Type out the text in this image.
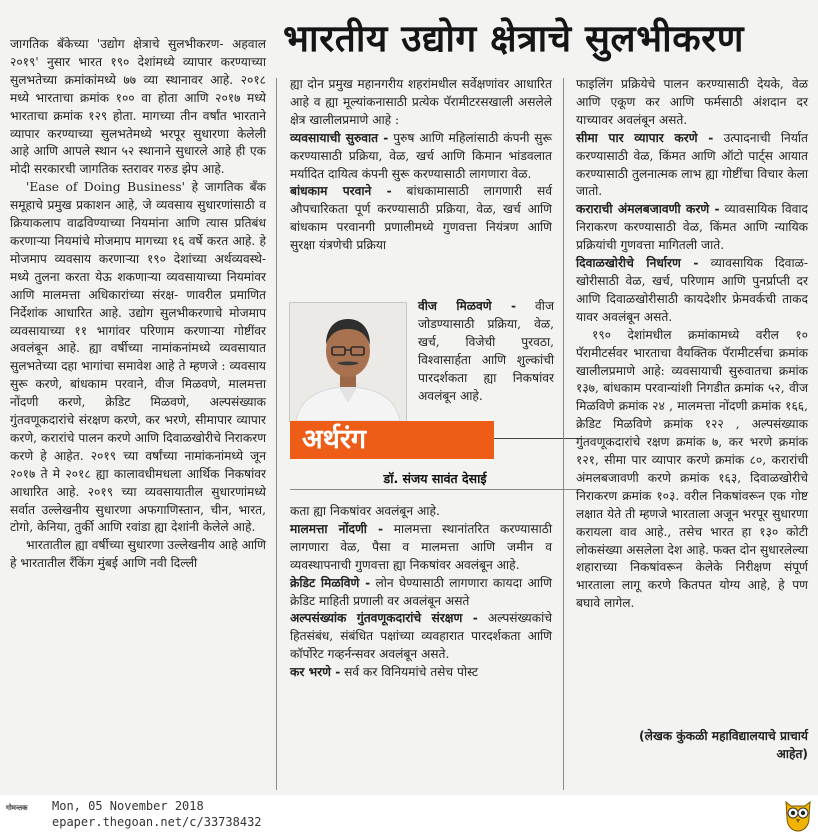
भारतीय उद्योग क्षेत्राचे सुलभीकरण

जागतिक बँकेच्या 'उद्योग क्षेत्राचे सुलभीकरण- अहवाल २०१९' नुसार भारत १९० देशांमध्ये व्यापार करण्याच्या सुलभतेच्या क्रमांकांमध्ये ७७ व्या स्थानावर आहे. २०१८ मध्ये भारताचा क्रमांक १०० वा होता आणि २०१७ मध्ये भारताचा क्रमांक १२९ होता. मागच्या तीन वर्षांत भारताने व्यापार करण्याच्या सुलभतेमध्ये भरपूर सुधारणा केलेली आहे आणि आपले स्थान ५२ स्थानाने सुधारले आहे ही एक मोदी सरकारची जागतिक स्तरावर गरुड झेप आहे.

'Ease of Doing Business' हे जागतिक बँक समूहाचे प्रमुख प्रकाशन आहे, जे व्यवसाय सुधारणांसाठी व क्रियाकलाप वाढविण्याच्या नियमांना आणि त्यास प्रतिबंध करणाऱ्या नियमांचे मोजमाप मागच्या १६ वर्षे करत आहे. हे मोजमाप व्यवसाय करणाऱ्या १९० देशांच्या अर्थव्यवस्थे- मध्ये तुलना करता येऊ शकणाऱ्या व्यवसायाच्या नियमांवर आणि मालमत्ता अधिकारांच्या संरक्ष- णावरील प्रमाणित निर्देशांक आधारित आहे. उद्योग सुलभीकरणाचे मोजमाप व्यवसायाच्या ११ भागांवर परिणाम करणाऱ्या गोष्टींवर अवलंबून आहे. ह्या वर्षीच्या नामांकनांमध्ये व्यवसायात सुलभतेच्या दहा भागांचा समावेश आहे ते म्हणजे : व्यवसाय सुरू करणे, बांधकाम परवाने, वीज मिळवणे, मालमत्ता नोंदणी करणे, क्रेडिट मिळवणे, अल्पसंख्याक गुंतवणूकदारांचे संरक्षण करणे, कर भरणे, सीमापार व्यापार करणे, करारांचे पालन करणे आणि दिवाळखोरीचे निराकरण करणे हे आहेत. २०१९ च्या वर्षांच्या नामांकनांमध्ये जून २०१७ ते मे २०१८ ह्या कालावधीमधला आर्थिक निकषांवर आधारित आहे. २०१९ च्या व्यवसायातील सुधारणांमध्ये सर्वात उल्लेखनीय सुधारणा अफगाणिस्तान, चीन, भारत, टोगो, केनिया, तुर्की आणि रवांडा ह्या देशांनी केलेले आहे.

भारतातील ह्या वर्षीच्या सुधारणा उल्लेखनीय आहे आणि हे भारतातील रँकिंग मुंबई आणि नवी दिल्ली

ह्या दोन प्रमुख महानगरीय शहरांमधील सर्वेक्षणांवर आधारित आहे व ह्या मूल्यांकनासाठी प्रत्येक पॅरामीटरसखाली असलेले क्षेत्र खालीलप्रमाणे आहे :

व्यवसायाची सुरुवात - पुरुष आणि महिलांसाठी कंपनी सुरू करण्यासाठी प्रक्रिया, वेळ, खर्च आणि किमान भांडवलात मर्यादित दायित्व कंपनी सुरू करण्यासाठी लागणारा वेळ.

बांधकाम परवाने - बांधकामासाठी लागणारी सर्व औपचारिकता पूर्ण करण्यासाठी प्रक्रिया, वेळ, खर्च आणि बांधकाम परवानगी प्रणालीमध्ये गुणवत्ता नियंत्रण आणि सुरक्षा यंत्रणेची प्रक्रिया

वीज मिळवणे - वीज जोडण्यासाठी प्रक्रिया, वेळ, खर्च, विजेची पुरवठा, विश्वासार्हता आणि शुल्कांची पारदर्शकता ह्या निकषांवर अवलंबून आहे.

अर्थरंग
डॉ. संजय सावंत देसाई

कता ह्या निकषांवर अवलंबून आहे.

मालमत्ता नोंदणी - मालमत्ता स्थानांतरित करण्यासाठी लागणारा वेळ, पैसा व मालमत्ता आणि जमीन व व्यवस्थापनाची गुणवत्ता ह्या निकषांवर अवलंबून आहे.

क्रेडिट मिळविणे - लोन घेण्यासाठी लागणारा कायदा आणि क्रेडिट माहिती प्रणाली वर अवलंबून असते

अल्पसंख्यांक गुंतवणूकदारांचे संरक्षण - अल्पसंख्यकांचे हितसंबंध, संबंधित पक्षांच्या व्यवहारात पारदर्शकता आणि कॉर्पोरेट गव्हर्नन्सवर अवलंबून असते.

कर भरणे - सर्व कर विनियमांचे तसेच पोस्ट

फाइलिंग प्रक्रियेचे पालन करण्यासाठी देयके, वेळ आणि एकूण कर आणि फर्मसाठी अंशदान दर याच्यावर अवलंबून असते.

सीमा पार व्यापार करणे - उत्पादनाची निर्यात करण्यासाठी वेळ, किंमत आणि ऑटो पार्ट्स आयात करण्यासाठी तुलनात्मक लाभ ह्या गोष्टींचा विचार केला जातो.

कराराची अंमलबजावणी करणे - व्यावसायिक विवाद निराकरण करण्यासाठी वेळ, किंमत आणि न्यायिक प्रक्रियांची गुणवत्ता मागितली जाते.

दिवाळखोरीचे निर्धारण - व्यावसायिक दिवाळ- खोरीसाठी वेळ, खर्च, परिणाम आणि पुनर्प्राप्ती दर आणि दिवाळखोरीसाठी कायदेशीर फ्रेमवर्कची ताकद यावर अवलंबून असते.

१९० देशांमधील क्रमांकामध्ये वरील १० पॅरामीटर्सवर भारताचा वैयक्तिक पॅरामीटर्सचा क्रमांक खालीलप्रमाणे आहे: व्यवसायाची सुरुवातचा क्रमांक १३७, बांधकाम परवान्यांशी निगडीत क्रमांक ५२, वीज मिळविणे क्रमांक २४ , मालमत्ता नोंदणी क्रमांक १६६, क्रेडिट मिळविणे क्रमांक १२२ , अल्पसंख्याक गुंतवणूकदारांचे रक्षण क्रमांक ७, कर भरणे क्रमांक १२१, सीमा पार व्यापार करणे क्रमांक ८०, करारांची अंमलबजावणी करणे क्रमांक १६३, दिवाळखोरीचे निराकरण क्रमांक १०३. वरील निकषांवरून एक गोष्ट लक्षात येते ती म्हणजे भारताला अजून भरपूर सुधारणा करायला वाव आहे., तसेच भारत हा १३० कोटी लोकसंख्या असलेला देश आहे. फक्त दोन सुधारलेल्या शहाराच्या निकषांवरून केलेके निरीक्षण संपूर्ण भारताला लागू करणे कितपत योग्य आहे, हे पण बघावे लागेल.

(लेखक कुंकळी महाविद्यालयाचे प्राचार्य
आहेत)
गोमन्तक Mon, 05 November 2018
epaper.thegoan.net/c/33738432
